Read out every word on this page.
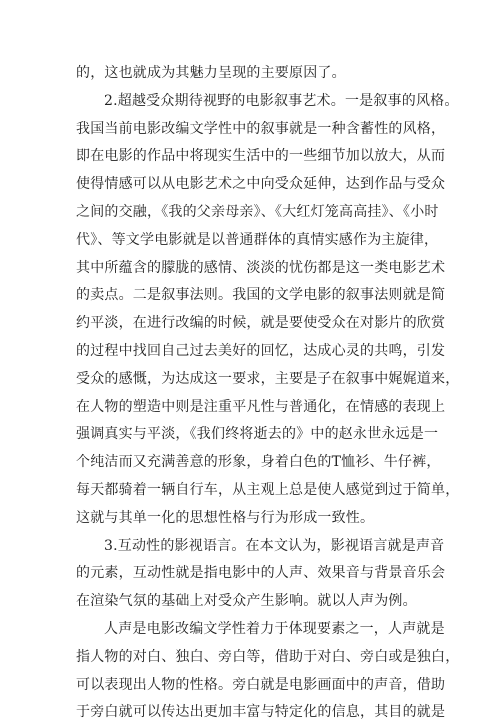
的，这也就成为其魅力呈现的主要原因了。
2.超越受众期待视野的电影叙事艺术。一是叙事的风格。
我国当前电影改编文学性中的叙事就是一种含蓄性的风格，
即在电影的作品中将现实生活中的一些细节加以放大，从而
使得情感可以从电影艺术之中向受众延伸，达到作品与受众
之间的交融，《我的父亲母亲》、《大红灯笼高高挂》、《小时
代》、等文学电影就是以普通群体的真情实感作为主旋律，
其中所蕴含的朦胧的感情、淡淡的忧伤都是这一类电影艺术
的卖点。二是叙事法则。我国的文学电影的叙事法则就是简
约平淡，在进行改编的时候，就是要使受众在对影片的欣赏
的过程中找回自己过去美好的回忆，达成心灵的共鸣，引发
受众的感慨，为达成这一要求，主要是子在叙事中娓娓道来，
在人物的塑造中则是注重平凡性与普通化，在情感的表现上
强调真实与平淡，《我们终将逝去的》中的赵永世永远是一
个纯洁而又充满善意的形象，身着白色的T恤衫、牛仔裤，
每天都骑着一辆自行车，从主观上总是使人感觉到过于简单，
这就与其单一化的思想性格与行为形成一致性。
3.互动性的影视语言。在本文认为，影视语言就是声音
的元素，互动性就是指电影中的人声、效果音与背景音乐会
在渲染气氛的基础上对受众产生影响。就以人声为例。
人声是电影改编文学性着力于体现要素之一，人声就是
指人物的对白、独白、旁白等，借助于对白、旁白或是独白，
可以表现出人物的性格。旁白就是电影画面中的声音，借助
于旁白就可以传达出更加丰富与特定化的信息，其目的就是
